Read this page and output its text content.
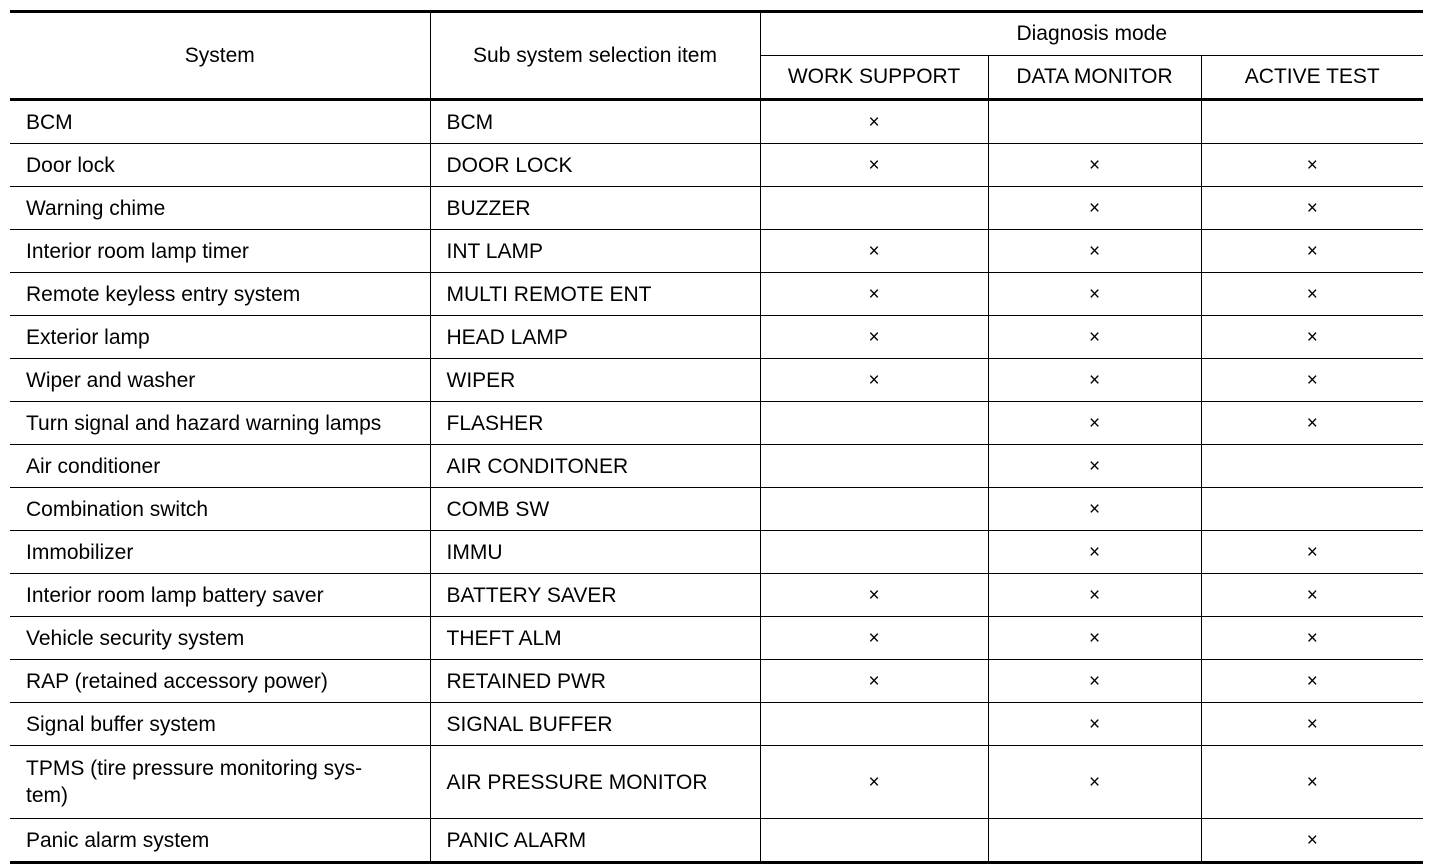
System	Sub system selection item	Diagnosis mode		
		WORK SUPPORT	DATA MONITOR	ACTIVE TEST
BCM	BCM	×		
Door lock	DOOR LOCK	×	×	×
Warning chime	BUZZER		×	×
Interior room lamp timer	INT LAMP	×	×	×
Remote keyless entry system	MULTI REMOTE ENT	×	×	×
Exterior lamp	HEAD LAMP	×	×	×
Wiper and washer	WIPER	×	×	×
Turn signal and hazard warning lamps	FLASHER		×	×
Air conditioner	AIR CONDITONER		×	
Combination switch	COMB SW		×	
Immobilizer	IMMU		×	×
Interior room lamp battery saver	BATTERY SAVER	×	×	×
Vehicle security system	THEFT ALM	×	×	×
RAP (retained accessory power)	RETAINED PWR	×	×	×
Signal buffer system	SIGNAL BUFFER		×	×
TPMS (tire pressure monitoring sys-
tem)	AIR PRESSURE MONITOR	×	×	×
Panic alarm system	PANIC ALARM			×
